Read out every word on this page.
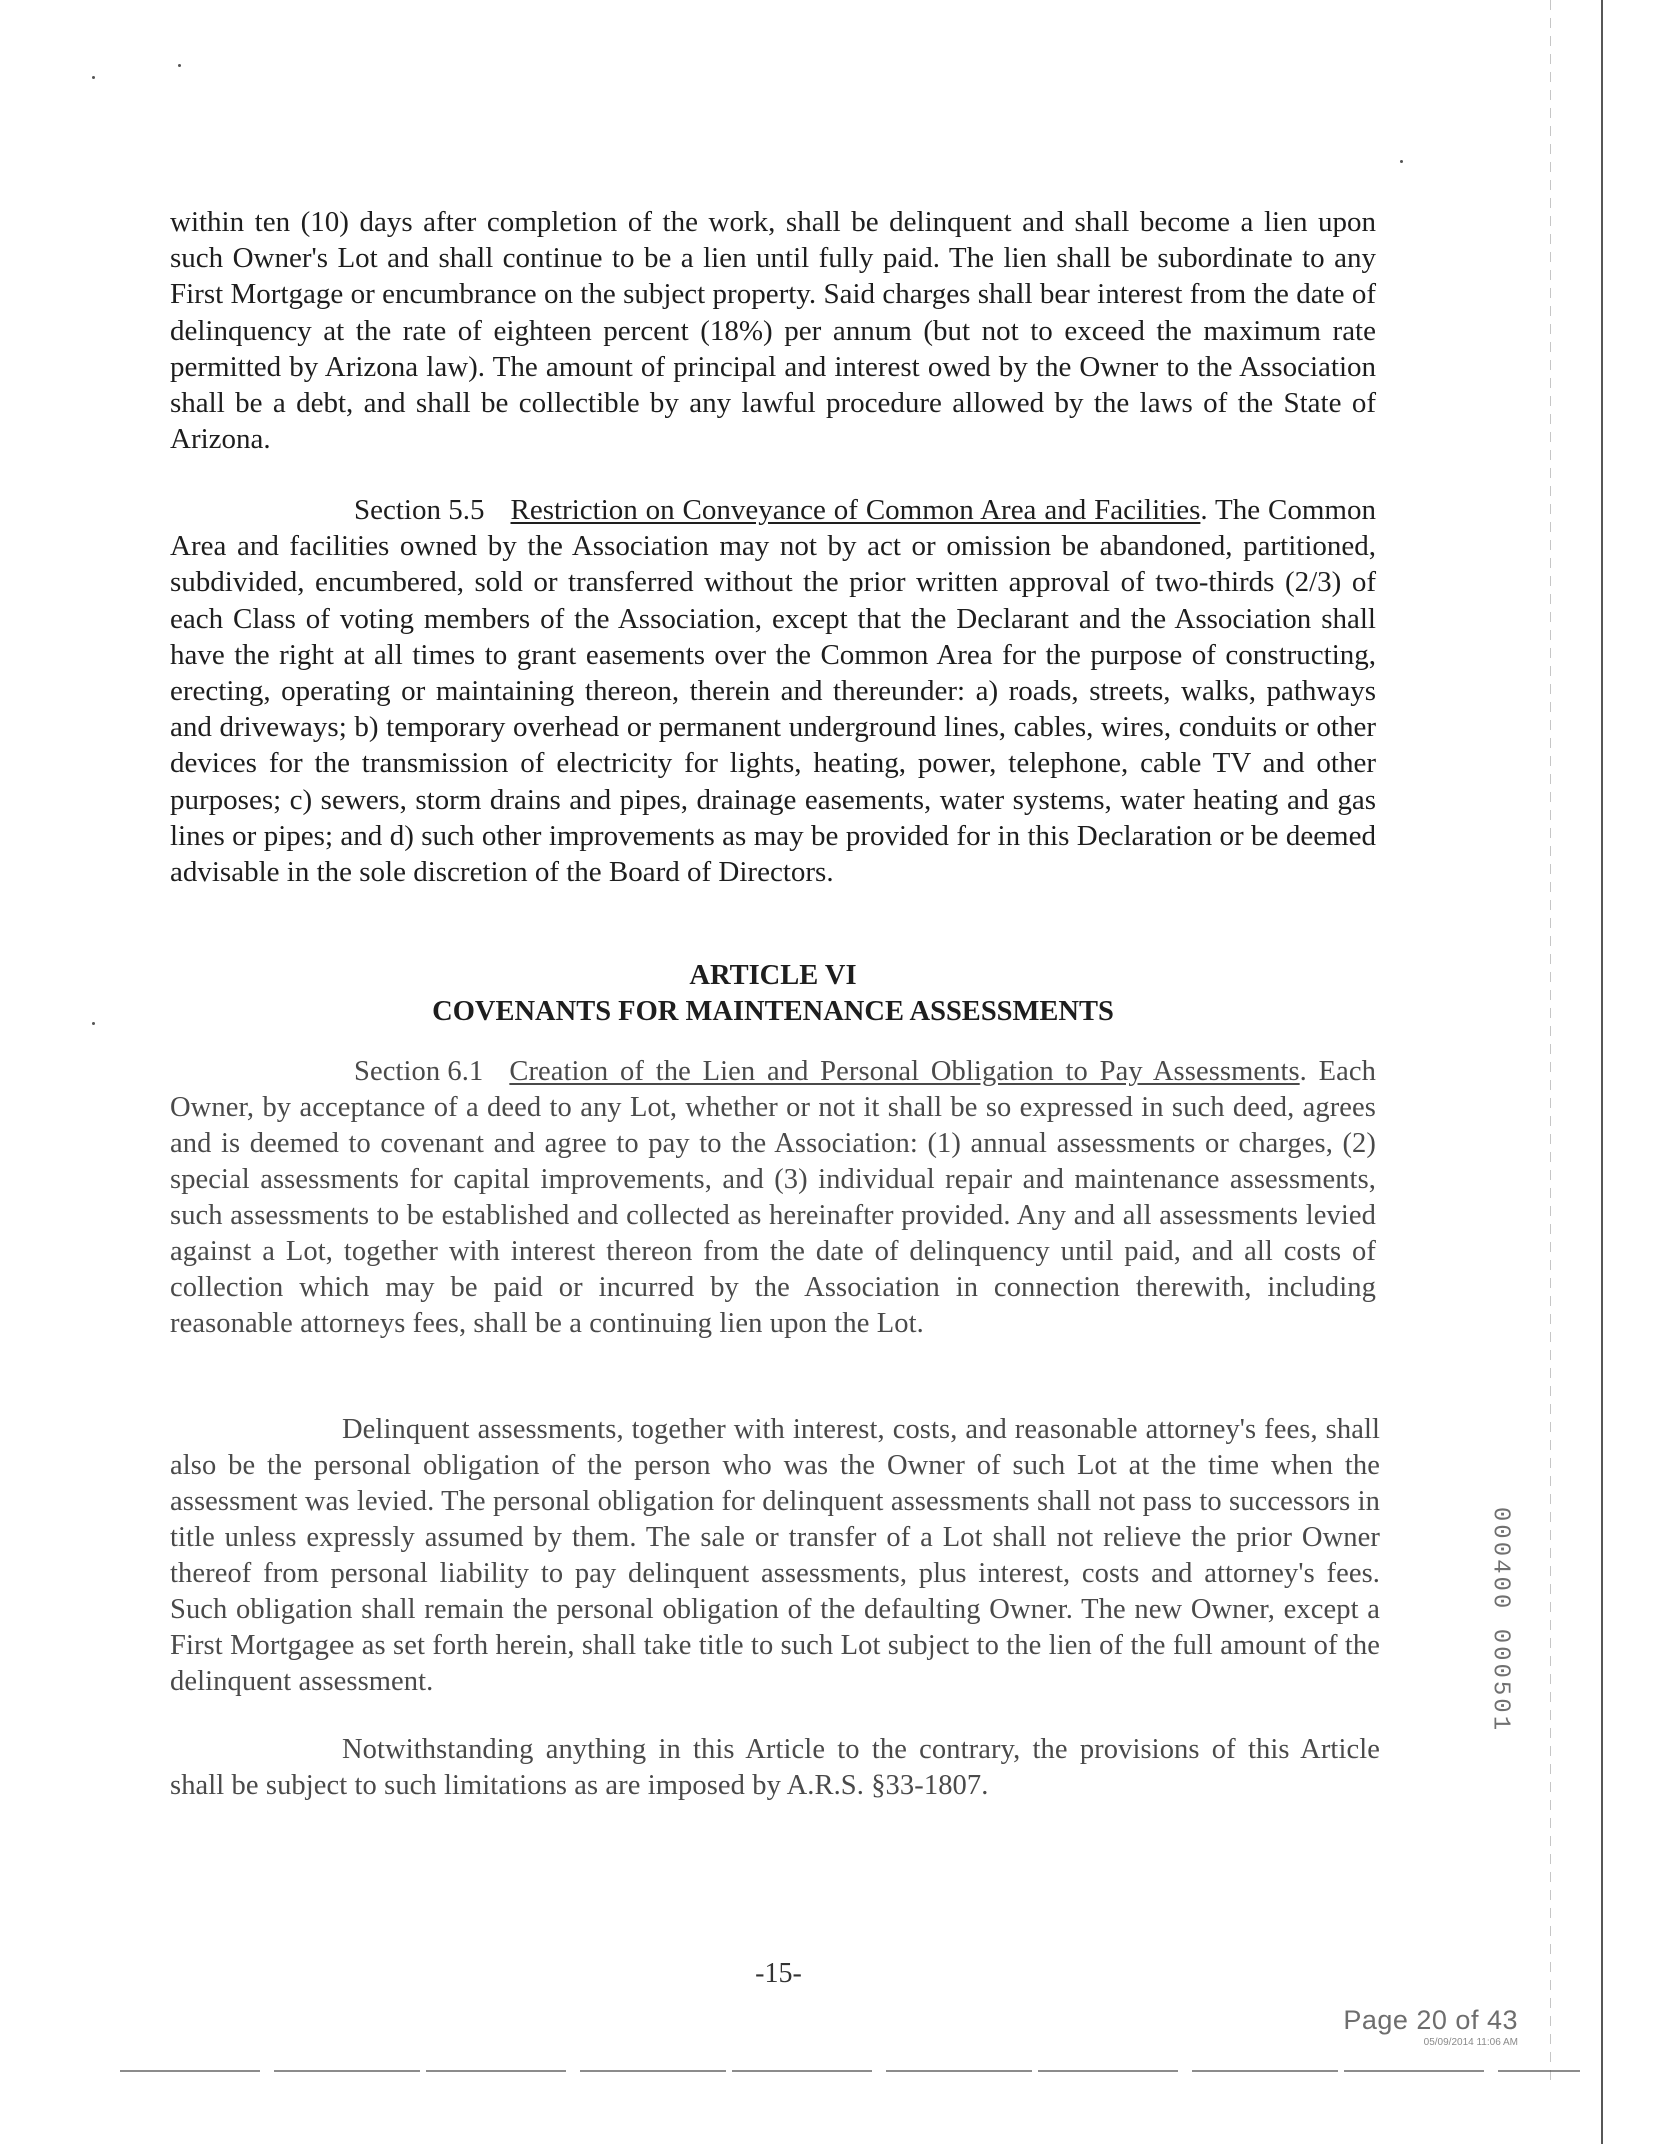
within ten (10) days after completion of the work, shall be delinquent and shall become a lien upon such Owner's Lot and shall continue to be a lien until fully paid. The lien shall be subordinate to any First Mortgage or encumbrance on the subject property. Said charges shall bear interest from the date of delinquency at the rate of eighteen percent (18%) per annum (but not to exceed the maximum rate permitted by Arizona law). The amount of principal and interest owed by the Owner to the Association shall be a debt, and shall be collectible by any lawful procedure allowed by the laws of the State of Arizona.

Section 5.5 Restriction on Conveyance of Common Area and Facilities. The Common Area and facilities owned by the Association may not by act or omission be abandoned, partitioned, subdivided, encumbered, sold or transferred without the prior written approval of two-thirds (2/3) of each Class of voting members of the Association, except that the Declarant and the Association shall have the right at all times to grant easements over the Common Area for the purpose of constructing, erecting, operating or maintaining thereon, therein and thereunder: a) roads, streets, walks, pathways and driveways; b) temporary overhead or permanent underground lines, cables, wires, conduits or other devices for the transmission of electricity for lights, heating, power, telephone, cable TV and other purposes; c) sewers, storm drains and pipes, drainage easements, water systems, water heating and gas lines or pipes; and d) such other improvements as may be provided for in this Declaration or be deemed advisable in the sole discretion of the Board of Directors.

ARTICLE VI

COVENANTS FOR MAINTENANCE ASSESSMENTS

Section 6.1 Creation of the Lien and Personal Obligation to Pay Assessments. Each Owner, by acceptance of a deed to any Lot, whether or not it shall be so expressed in such deed, agrees and is deemed to covenant and agree to pay to the Association: (1) annual assessments or charges, (2) special assessments for capital improvements, and (3) individual repair and maintenance assessments, such assessments to be established and collected as hereinafter provided. Any and all assessments levied against a Lot, together with interest thereon from the date of delinquency until paid, and all costs of collection which may be paid or incurred by the Association in connection therewith, including reasonable attorneys fees, shall be a continuing lien upon the Lot.

Delinquent assessments, together with interest, costs, and reasonable attorney's fees, shall also be the personal obligation of the person who was the Owner of such Lot at the time when the assessment was levied. The personal obligation for delinquent assessments shall not pass to successors in title unless expressly assumed by them. The sale or transfer of a Lot shall not relieve the prior Owner thereof from personal liability to pay delinquent assessments, plus interest, costs and attorney's fees. Such obligation shall remain the personal obligation of the defaulting Owner. The new Owner, except a First Mortgagee as set forth herein, shall take title to such Lot subject to the lien of the full amount of the delinquent assessment.

Notwithstanding anything in this Article to the contrary, the provisions of this Article shall be subject to such limitations as are imposed by A.R.S. §33-1807.

-15-
000400 000501
Page 20 of 43
05/09/2014 11:06 AM
